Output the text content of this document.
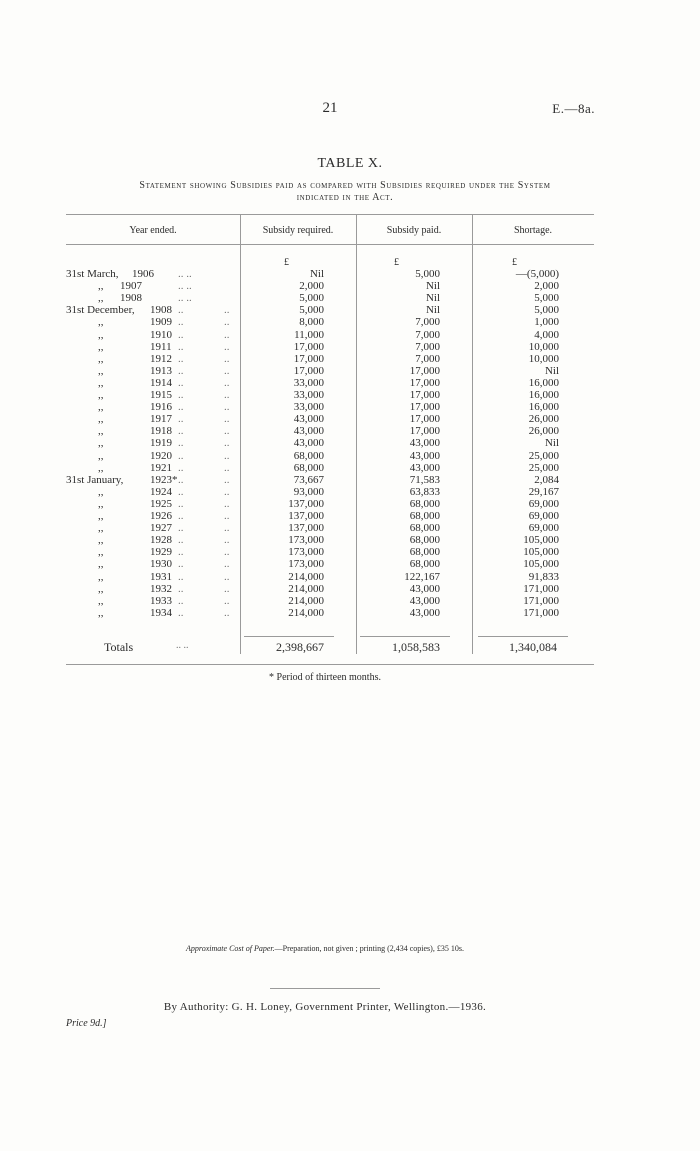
21	E.—8a.
TABLE X.
Statement showing Subsidies paid as compared with Subsidies required under the System
indicated in the Act.
Year ended.	Subsidy required.	Subsidy paid.	Shortage.
£	£	£
31st March, 1906 .. ..	Nil	5,000	—(5,000)
,, 1907	.. ..	2,000	Nil	2,000
,, 1908	.. ..	5,000	Nil	5,000
31st December, 1908 ..	..	5,000	Nil	5,000
,,	1909 ..	..	8,000	7,000	1,000
,,	1910 ..	..	11,000	7,000	4,000
,,	1911 ..	..	17,000	7,000	10,000
,,	1912 ..	..	17,000	7,000	10,000
,,	1913 ..	..	17,000	17,000	Nil
,,	1914 ..	..	33,000	17,000	16,000
,,	1915 ..	..	33,000	17,000	16,000
,,	1916 ..	..	33,000	17,000	16,000
,,	1917 ..	..	43,000	17,000	26,000
,,	1918 ..	..	43,000	17,000	26,000
,,	1919 ..	..	43,000	43,000	Nil
,,	1920 ..	..	68,000	43,000	25,000
,,	1921 ..	..	68,000	43,000	25,000
31st January, 1923* ..	..	73,667	71,583	2,084
,,	1924 ..	..	93,000	63,833	29,167
,,	1925 ..	..	137,000	68,000	69,000
,,	1926 ..	..	137,000	68,000	69,000
,,	1927 ..	..	137,000	68,000	69,000
,,	1928 ..	..	173,000	68,000	105,000
,,	1929 ..	..	173,000	68,000	105,000
,,	1930 ..	..	173,000	68,000	105,000
,,	1931 ..	..	214,000	122,167	91,833
,,	1932 ..	..	214,000	43,000	171,000
,,	1933 ..	..	214,000	43,000	171,000
,,	1934 ..	..	214,000	43,000	171,000
Totals	.. ..	2,398,667	1,058,583	1,340,084
* Period of thirteen months.
Approximate Cost of Paper.—Preparation, not given ; printing (2,434 copies), £35 10s.
By Authority: G. H. Loney, Government Printer, Wellington.—1936.
Price 9d.]
